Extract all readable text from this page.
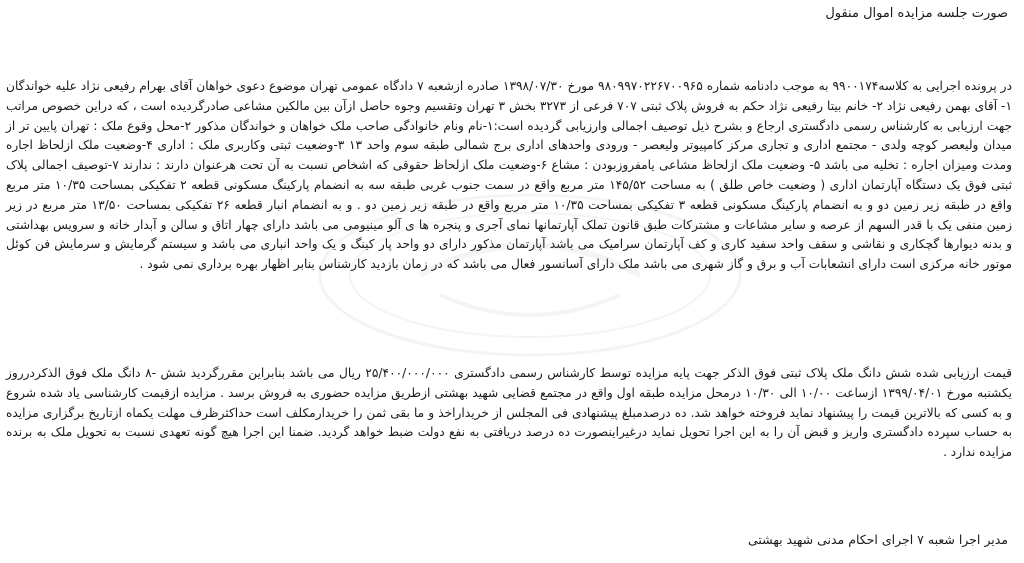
صورت جلسه مزایده اموال منقول
در پرونده اجرایی به کلاسه۹۹۰۰۱۷۴ به موجب دادنامه شماره ۹۸۰۹۹۷۰۲۲۶۷۰۰۹۶۵ مورخ ۱۳۹۸/۰۷/۳۰ صادره ازشعبه ۷ دادگاه عمومی تهران موضوع دعوی خواهان آقای بهرام رفیعی نژاد علیه خواندگان ۱- آقای بهمن رفیعی نژاد ۲- خانم بیتا رفیعی نژاد حکم به فروش پلاک ثبتی ۷۰۷ فرعی از ۳۲۷۳ بخش ۳ تهران وتقسیم وجوه حاصل ازآن بین مالکین مشاعی صادرگردیده است ، که دراین خصوص مراتب جهت ارزیابی به کارشناس رسمی دادگستری ارجاع و بشرح ذیل توصیف اجمالی وارزیابی گردیده است:۱-نام ونام خانوادگی صاحب ملک خواهان و خواندگان مذکور ۲-محل وقوع ملک : تهران پایین تر از میدان ولیعصر کوچه ولدی - مجتمع اداری و تجاری مرکز کامپیوتر ولیعصر - ورودی واحدهای اداری برج شمالی طبقه سوم واحد ۱۳ ۳-وضعیت ثبتی وکاربری ملک : اداری ۴-وضعیت ملک ازلحاظ اجاره ومدت ومیزان اجاره : تخلیه می باشد ۵- وضعیت ملک ازلحاظ مشاعی یامفروزبودن : مشاع ۶-وضعیت ملک ازلحاظ حقوقی که اشخاص نسبت به آن تحت هرعنوان دارند : ندارند ۷-توصیف اجمالی پلاک ثبتی فوق یک دستگاه آپارتمان اداری ( وضعیت خاص طلق ) به مساحت ۱۴۵/۵۲ متر مربع واقع در سمت جنوب غربی طبقه سه به انضمام پارکینگ مسکونی قطعه ۲ تفکیکی بمساحت ۱۰/۳۵ متر مربع واقع در طبقه زیر زمین دو و به انضمام پارکینگ مسکونی قطعه ۳ تفکیکی بمساحت ۱۰/۳۵ متر مربع واقع در طبقه زیر زمین دو . و به انضمام انبار قطعه ۲۶ تفکیکی بمساحت ۱۳/۵۰ متر مربع در زیر زمین منفی یک با قدر السهم از عرصه و سایر مشاعات و مشترکات طبق قانون تملک آپارتمانها نمای آجری و پنجره ها ی آلو مینیومی می باشد دارای چهار اتاق و سالن و آبدار خانه و سرویس بهداشتی و بدنه دیوارها گچکاری و نقاشی و سقف واحد سفید کاری و کف آپارتمان سرامیک می باشد آپارتمان مذکور دارای دو واحد پار کینگ و یک واحد انباری می باشد و سیستم گرمایش و سرمایش فن کوئل موتور خانه مرکزی است دارای انشعابات آب و برق و گاز شهری می باشد ملک دارای آسانسور فعال می باشد که در زمان بازدید کارشناس بنابر اظهار بهره برداری نمی شود .
قیمت ارزیابی شده شش دانگ ملک پلاک ثبتی فوق الذکر جهت پایه مزایده توسط کارشناس رسمی دادگستری ۲۵/۴۰۰/۰۰۰/۰۰۰ ریال می باشد بنابراین مقررگردید شش -۸ دانگ ملک فوق الذکردرروز یکشنبه مورخ ۱۳۹۹/۰۴/۰۱ ازساعت ۱۰/۰۰ الی ۱۰/۳۰ درمحل مزایده طبقه اول واقع در مجتمع قضایی شهید بهشتی ازطریق مزایده حضوری به فروش برسد . مزایده ازقیمت کارشناسی یاد شده شروع و به کسی که بالاترین قیمت را پیشنهاد نماید فروخته خواهد شد. ده درصدمبلغ پیشنهادی فی المجلس از خریداراخذ و ما بقی ثمن را خریدارمکلف است حداکثرظرف مهلت یکماه ازتاریخ برگزاری مزایده به حساب سپرده دادگستری واریز و قبض آن را به این اجرا تحویل نماید درغیراینصورت ده درصد دریافتی به نفع دولت ضبط خواهد گردید. ضمنا این اجرا هیچ گونه تعهدی نسبت به تحویل ملک به برنده مزایده ندارد .
مدیر اجرا شعبه ۷ اجرای احکام مدنی شهید بهشتی
